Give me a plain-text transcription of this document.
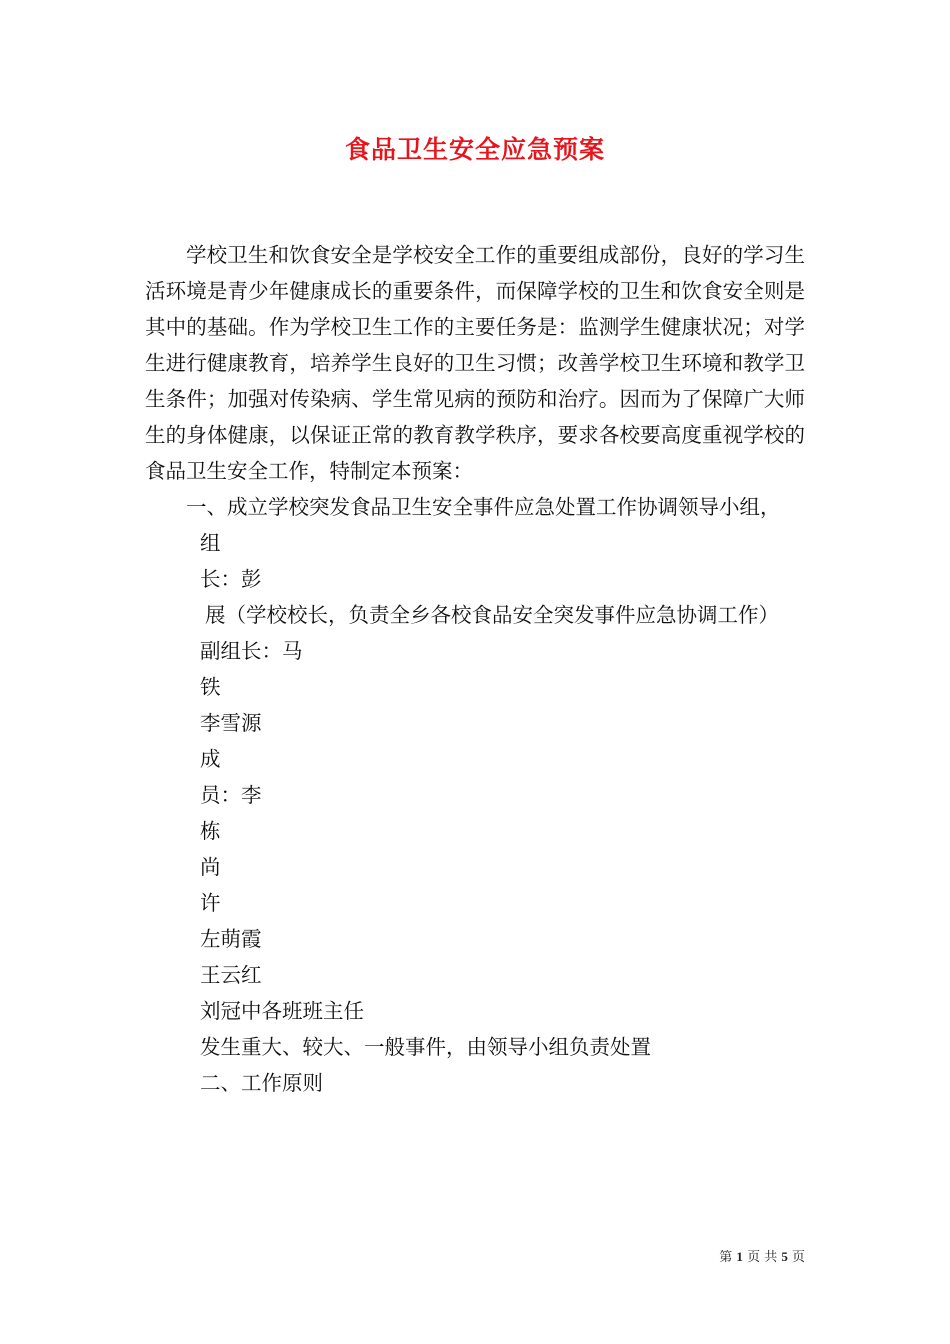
食品卫生安全应急预案

学校卫生和饮食安全是学校安全工作的重要组成部份，良好的学习生活环境是青少年健康成长的重要条件，而保障学校的卫生和饮食安全则是其中的基础。作为学校卫生工作的主要任务是：监测学生健康状况；对学生进行健康教育，培养学生良好的卫生习惯；改善学校卫生环境和教学卫生条件；加强对传染病、学生常见病的预防和治疗。因而为了保障广大师生的身体健康，以保证正常的教育教学秩序，要求各校要高度重视学校的食品卫生安全工作，特制定本预案：

一、成立学校突发食品卫生安全事件应急处置工作协调领导小组，

组

长：彭

展（学校校长，负责全乡各校食品安全突发事件应急协调工作）

副组长：马

铁

李雪源

成

员：李

栋

尚

许

左萌霞

王云红

刘冠中各班班主任

发生重大、较大、一般事件，由领导小组负责处置

二、工作原则

第 1 页 共 5 页
